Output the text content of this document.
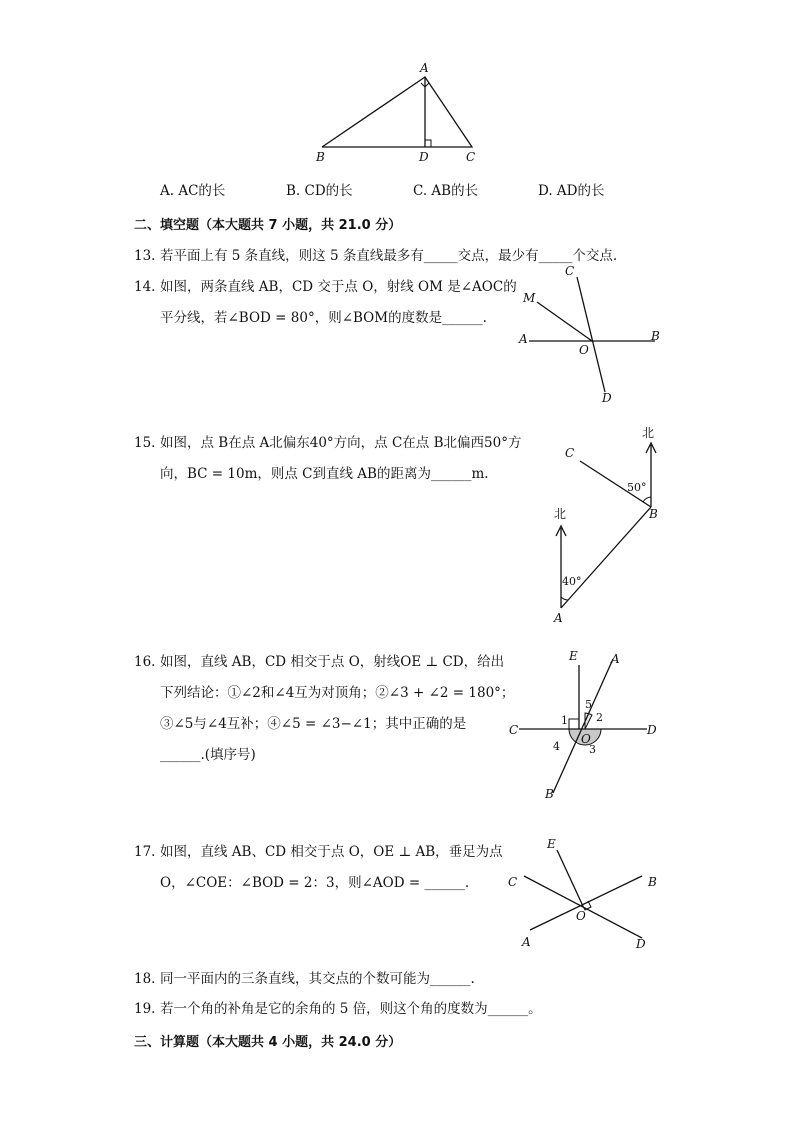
A
B	D	C
A. AC的长	B. CD的长	C. AB的长	D. AD的长
二、填空题（本大题共 7 小题，共 21.0 分）
13. 若平面上有 5 条直线，则这 5 条直线最多有_____交点，最少有_____个交点.
14. 如图，两条直线 AB，CD 交于点 O，射线 OM 是∠AOC的
平分线，若∠BOD = 80°，则∠BOM的度数是______.
C
M
A	B
O
D
15. 如图，点 B在点 A北偏东40°方向，点 C在点 B北偏西50°方
向，BC = 10m，则点 C到直线 AB的距离为______m.
北
C
50°
B
北
40°
A
16. 如图，直线 AB，CD 相交于点 O，射线OE ⊥ CD，给出
下列结论：①∠2和∠4互为对顶角；②∠3 + ∠2 = 180°；
③∠5与∠4互补；④∠5 = ∠3−∠1；其中正确的是
______.(填序号)
E	A
5
1	2
C	D
4
O
3
B
17. 如图，直线 AB、CD 相交于点 O，OE ⊥ AB，垂足为点
O，∠COE：∠BOD = 2：3，则∠AOD = ______.
E
C	B
O
A	D
18. 同一平面内的三条直线，其交点的个数可能为______.
19. 若一个角的补角是它的余角的 5 倍，则这个角的度数为______。
三、计算题（本大题共 4 小题，共 24.0 分）
